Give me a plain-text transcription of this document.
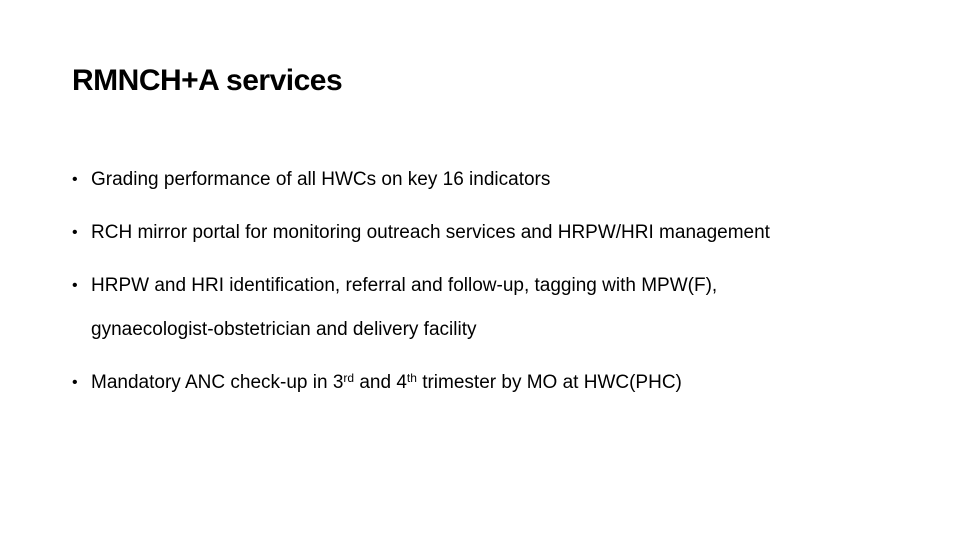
RMNCH+A services
• Grading performance of all HWCs on key 16 indicators
• RCH mirror portal for monitoring outreach services and HRPW/HRI management
• HRPW and HRI identification, referral and follow-up, tagging with MPW(F),
gynaecologist-obstetrician and delivery facility
• Mandatory ANC check-up in 3rd and 4th trimester by MO at HWC(PHC)
